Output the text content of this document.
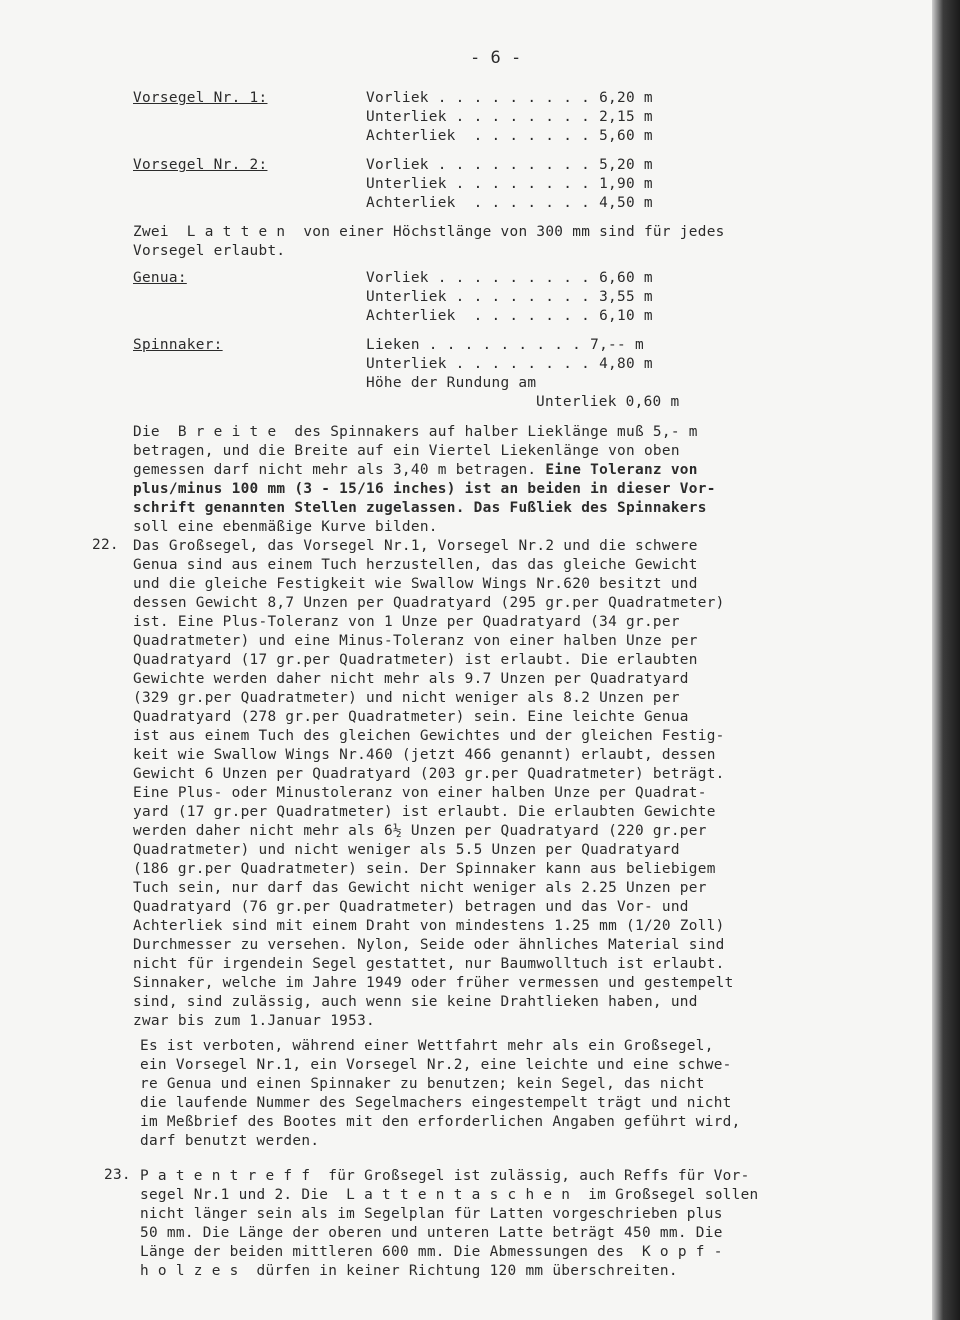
- 6 -
Vorsegel Nr. 1:	Vorliek . . . . . . . . . 6,20 m
Unterliek . . . . . . . . 2,15 m
Achterliek . . . . . . . 5,60 m
Vorsegel Nr. 2:	Vorliek . . . . . . . . . 5,20 m
Unterliek . . . . . . . . 1,90 m
Achterliek . . . . . . . 4,50 m
Zwei  L a t t e n  von einer Höchstlänge von 300 mm sind für jedes
Vorsegel erlaubt.
Genua:	Vorliek . . . . . . . . . 6,60 m
Unterliek . . . . . . . . 3,55 m
Achterliek . . . . . . . 6,10 m
Spinnaker:	Lieken . . . . . . . . . 7,-- m
Unterliek . . . . . . . . 4,80 m
Höhe der Rundung am
Unterliek 0,60 m
Die  B r e i t e  des Spinnakers auf halber Lieklänge muß 5,- m
betragen, und die Breite auf ein Viertel Liekenlänge von oben
gemessen darf nicht mehr als 3,40 m betragen. Eine Toleranz von
plus/minus 100 mm (3 - 15/16 inches) ist an beiden in dieser Vor-
schrift genannten Stellen zugelassen. Das Fußliek des Spinnakers
soll eine ebenmäßige Kurve bilden.
22. Das Großsegel, das Vorsegel Nr.1, Vorsegel Nr.2 und die schwere
Genua sind aus einem Tuch herzustellen, das das gleiche Gewicht
und die gleiche Festigkeit wie Swallow Wings Nr.620 besitzt und
dessen Gewicht 8,7 Unzen per Quadratyard (295 gr.per Quadratmeter)
ist. Eine Plus-Toleranz von 1 Unze per Quadratyard (34 gr.per
Quadratmeter) und eine Minus-Toleranz von einer halben Unze per
Quadratyard (17 gr.per Quadratmeter) ist erlaubt. Die erlaubten
Gewichte werden daher nicht mehr als 9.7 Unzen per Quadratyard
(329 gr.per Quadratmeter) und nicht weniger als 8.2 Unzen per
Quadratyard (278 gr.per Quadratmeter) sein. Eine leichte Genua
ist aus einem Tuch des gleichen Gewichtes und der gleichen Festig-
keit wie Swallow Wings Nr.460 (jetzt 466 genannt) erlaubt, dessen
Gewicht 6 Unzen per Quadratyard (203 gr.per Quadratmeter) beträgt.
Eine Plus- oder Minustoleranz von einer halben Unze per Quadrat-
yard (17 gr.per Quadratmeter) ist erlaubt. Die erlaubten Gewichte
werden daher nicht mehr als 6½ Unzen per Quadratyard (220 gr.per
Quadratmeter) und nicht weniger als 5.5 Unzen per Quadratyard
(186 gr.per Quadratmeter) sein. Der Spinnaker kann aus beliebigem
Tuch sein, nur darf das Gewicht nicht weniger als 2.25 Unzen per
Quadratyard (76 gr.per Quadratmeter) betragen und das Vor- und
Achterliek sind mit einem Draht von mindestens 1.25 mm (1/20 Zoll)
Durchmesser zu versehen. Nylon, Seide oder ähnliches Material sind
nicht für irgendein Segel gestattet, nur Baumwolltuch ist erlaubt.
Sinnaker, welche im Jahre 1949 oder früher vermessen und gestempelt
sind, sind zulässig, auch wenn sie keine Drahtlieken haben, und
zwar bis zum 1.Januar 1953.
Es ist verboten, während einer Wettfahrt mehr als ein Großsegel,
ein Vorsegel Nr.1, ein Vorsegel Nr.2, eine leichte und eine schwe-
re Genua und einen Spinnaker zu benutzen; kein Segel, das nicht
die laufende Nummer des Segelmachers eingestempelt trägt und nicht
im Meßbrief des Bootes mit den erforderlichen Angaben geführt wird,
darf benutzt werden.
23. P a t e n t r e f f  für Großsegel ist zulässig, auch Reffs für Vor-
segel Nr.1 und 2. Die  L a t t e n t a s c h e n  im Großsegel sollen
nicht länger sein als im Segelplan für Latten vorgeschrieben plus
50 mm. Die Länge der oberen und unteren Latte beträgt 450 mm. Die
Länge der beiden mittleren 600 mm. Die Abmessungen des  K o p f -
h o l z e s  dürfen in keiner Richtung 120 mm überschreiten.
